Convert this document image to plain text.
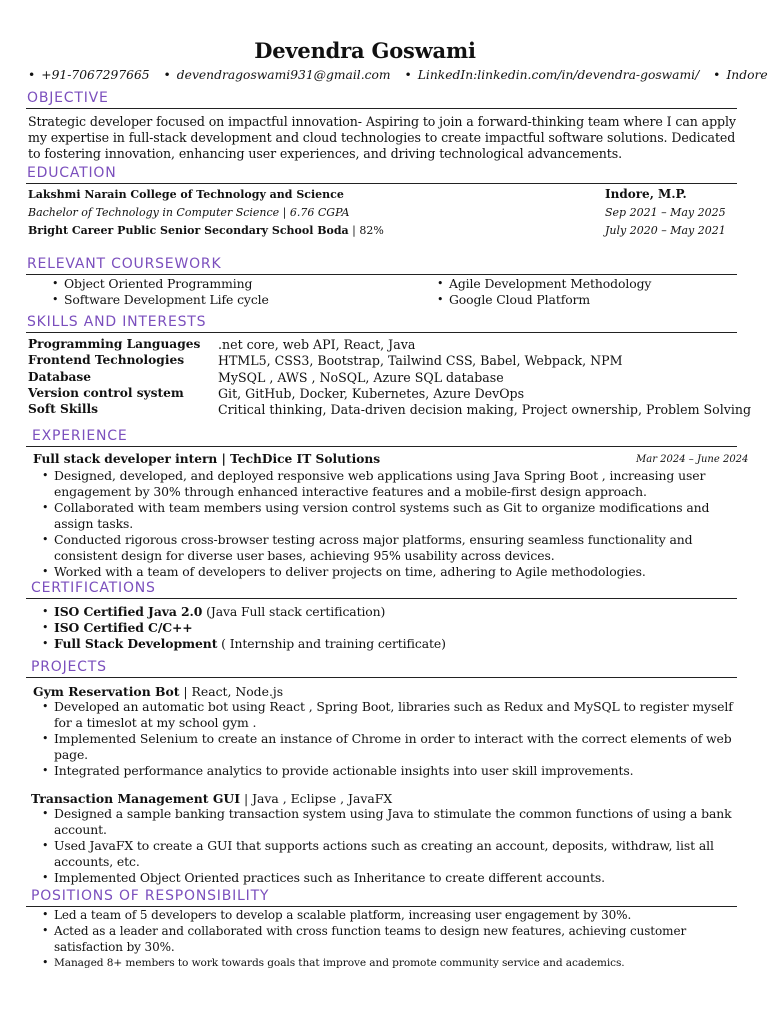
Devendra Goswami
• +91-7067297665 • devendragoswami931@gmail.com • LinkedIn:linkedin.com/in/devendra-goswami/ • Indore
OBJECTIVE
Strategic developer focused on impactful innovation- Aspiring to join a forward-thinking team where I can apply my expertise in full-stack development and cloud technologies to create impactful software solutions. Dedicated to fostering innovation, enhancing user experiences, and driving technological advancements.
EDUCATION
Lakshmi Narain College of Technology and Science	Indore, M.P.
Bachelor of Technology in Computer Science | 6.76 CGPA	Sep 2021 – May 2025
Bright Career Public Senior Secondary School Boda | 82%	July 2020 – May 2021
RELEVANT COURSEWORK
• Object Oriented Programming
• Software Development Life cycle
• Agile Development Methodology
• Google Cloud Platform
SKILLS AND INTERESTS
Programming Languages	.net core, web API, React, Java
Frontend Technologies	HTML5, CSS3, Bootstrap, Tailwind CSS, Babel, Webpack, NPM
Database	MySQL , AWS , NoSQL, Azure SQL database
Version control system	Git, GitHub, Docker, Kubernetes, Azure DevOps
Soft Skills	Critical thinking, Data-driven decision making, Project ownership, Problem Solving
EXPERIENCE
Full stack developer intern | TechDice IT Solutions	Mar 2024 – June 2024
• Designed, developed, and deployed responsive web applications using Java Spring Boot , increasing user engagement by 30% through enhanced interactive features and a mobile-first design approach.
• Collaborated with team members using version control systems such as Git to organize modifications and assign tasks.
• Conducted rigorous cross-browser testing across major platforms, ensuring seamless functionality and consistent design for diverse user bases, achieving 95% usability across devices.
• Worked with a team of developers to deliver projects on time, adhering to Agile methodologies.
CERTIFICATIONS
• ISO Certified Java 2.0 (Java Full stack certification)
• ISO Certified C/C++
• Full Stack Development ( Internship and training certificate)
PROJECTS
Gym Reservation Bot | React, Node.js
• Developed an automatic bot using React , Spring Boot, libraries such as Redux and MySQL to register myself for a timeslot at my school gym .
• Implemented Selenium to create an instance of Chrome in order to interact with the correct elements of web page.
• Integrated performance analytics to provide actionable insights into user skill improvements.
Transaction Management GUI | Java , Eclipse , JavaFX
• Designed a sample banking transaction system using Java to stimulate the common functions of using a bank account.
• Used JavaFX to create a GUI that supports actions such as creating an account, deposits, withdraw, list all accounts, etc.
• Implemented Object Oriented practices such as Inheritance to create different accounts.
POSITIONS OF RESPONSIBILITY
• Led a team of 5 developers to develop a scalable platform, increasing user engagement by 30%.
• Acted as a leader and collaborated with cross function teams to design new features, achieving customer satisfaction by 30%.
• Managed 8+ members to work towards goals that improve and promote community service and academics.
